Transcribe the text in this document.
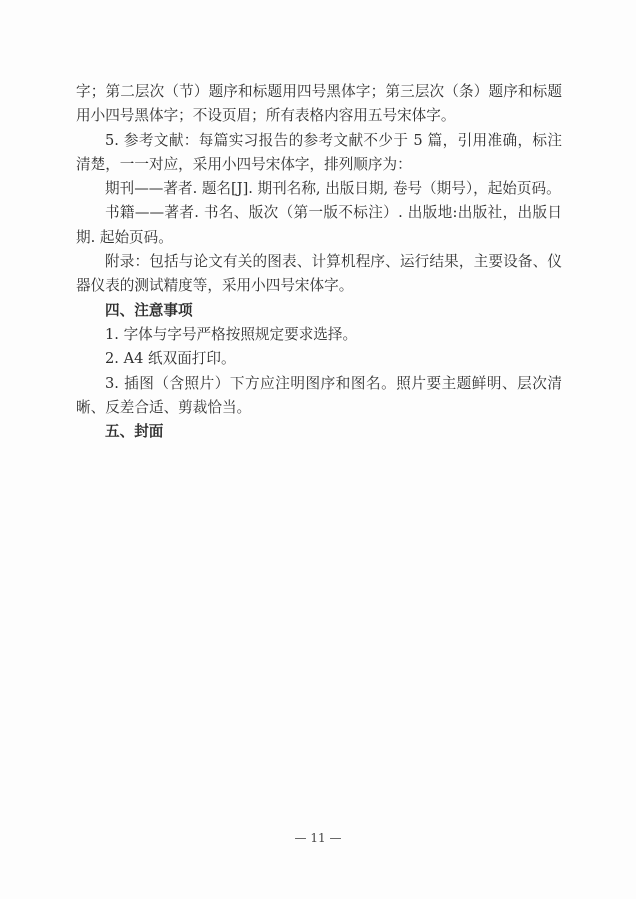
字；第二层次（节）题序和标题用四号黑体字；第三层次（条）题序和标题用小四号黑体字；不设页眉；所有表格内容用五号宋体字。

5. 参考文献：每篇实习报告的参考文献不少于 5 篇，引用准确，标注清楚，一一对应，采用小四号宋体字，排列顺序为：

期刊——著者. 题名[J]. 期刊名称, 出版日期, 卷号（期号），起始页码。

书籍——著者. 书名、版次（第一版不标注）. 出版地:出版社，出版日期. 起始页码。

附录：包括与论文有关的图表、计算机程序、运行结果，主要设备、仪器仪表的测试精度等，采用小四号宋体字。

四、注意事项

1. 字体与字号严格按照规定要求选择。

2. A4 纸双面打印。

3. 插图（含照片）下方应注明图序和图名。照片要主题鲜明、层次清晰、反差合适、剪裁恰当。

五、封面

— 11 —
